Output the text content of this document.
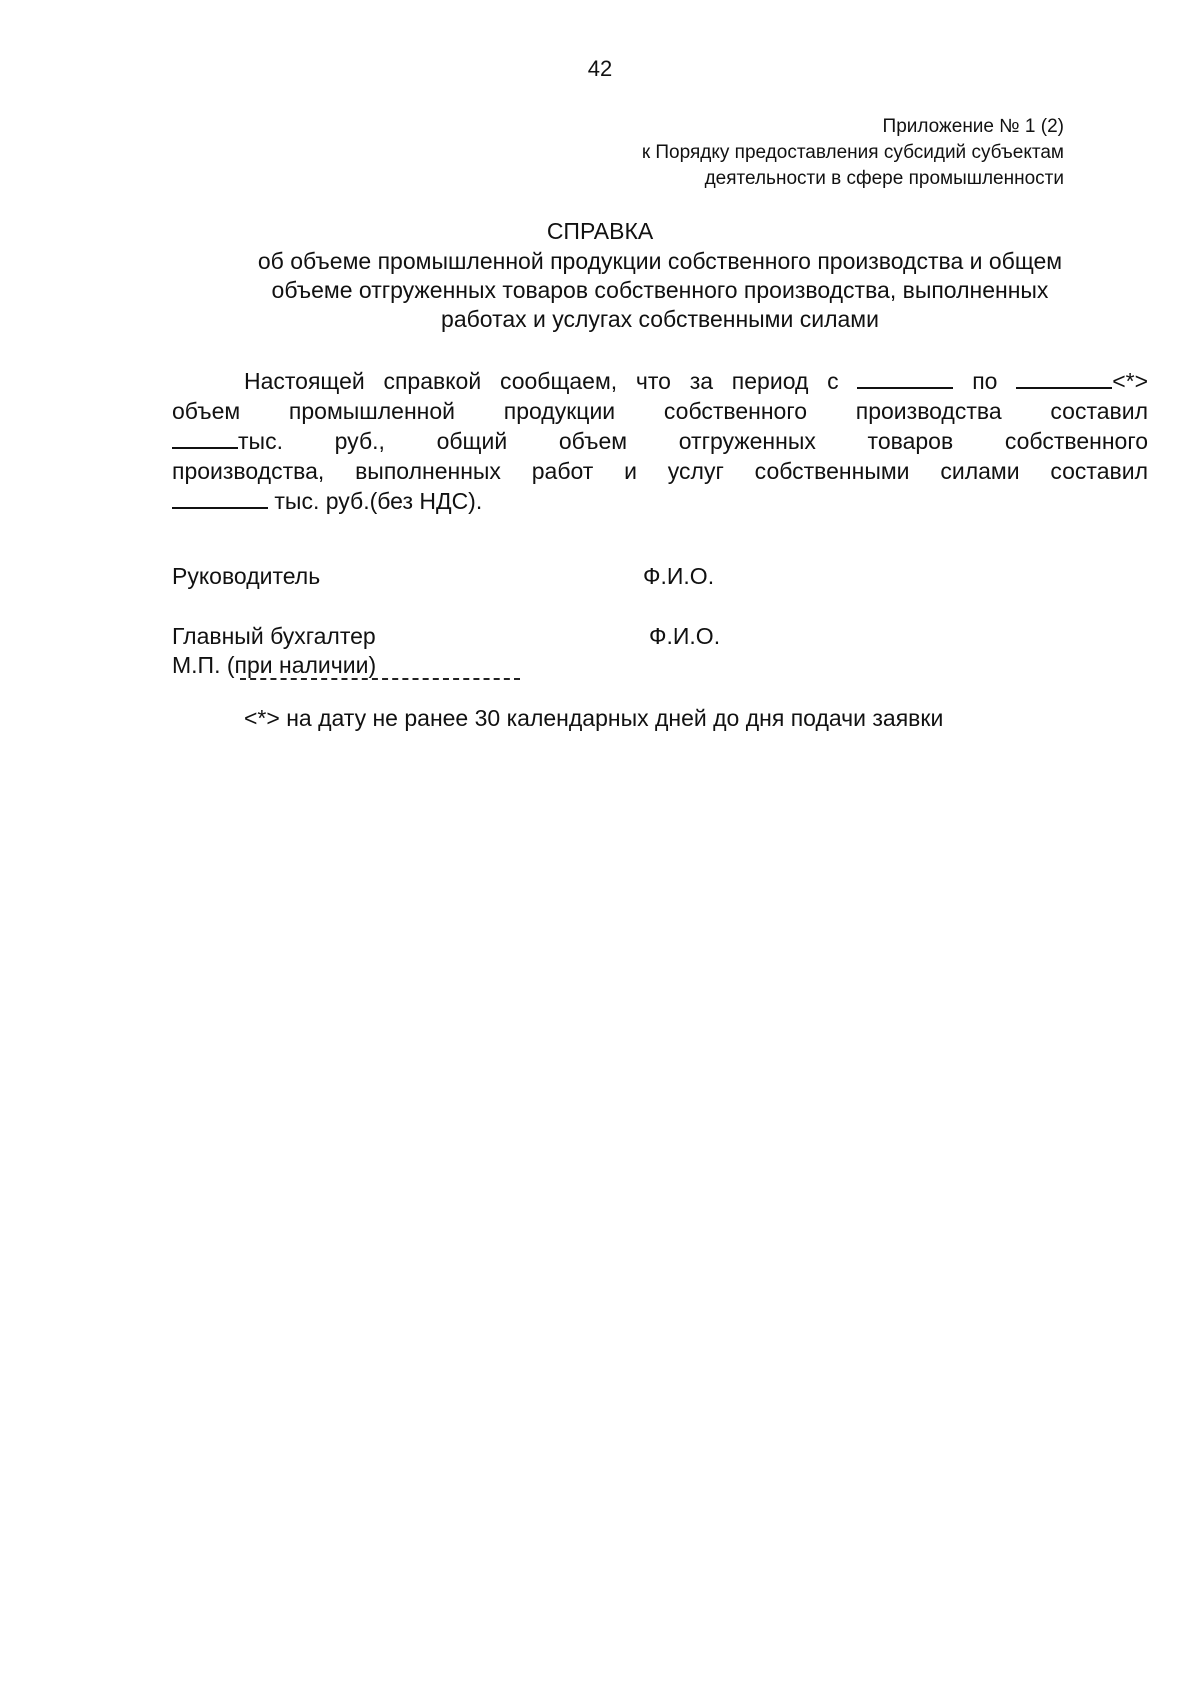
42
Приложение № 1 (2)
к Порядку предоставления субсидий субъектам
деятельности в сфере промышленности
СПРАВКА
об объеме промышленной продукции собственного производства и общем
объеме отгруженных товаров собственного производства, выполненных
работах и услугах собственными силами
Настоящей справкой сообщаем, что за период с	по	<*>
объем промышленной продукции собственного производства составил
тыс. руб., общий объем отгруженных товаров собственного
производства, выполненных работ и услуг собственными силами составил
тыс. руб.(без НДС).
Руководитель	Ф.И.О.
Главный бухгалтер	Ф.И.О.
М.П. (при наличии)
<*> на дату не ранее 30 календарных дней до дня подачи заявки
